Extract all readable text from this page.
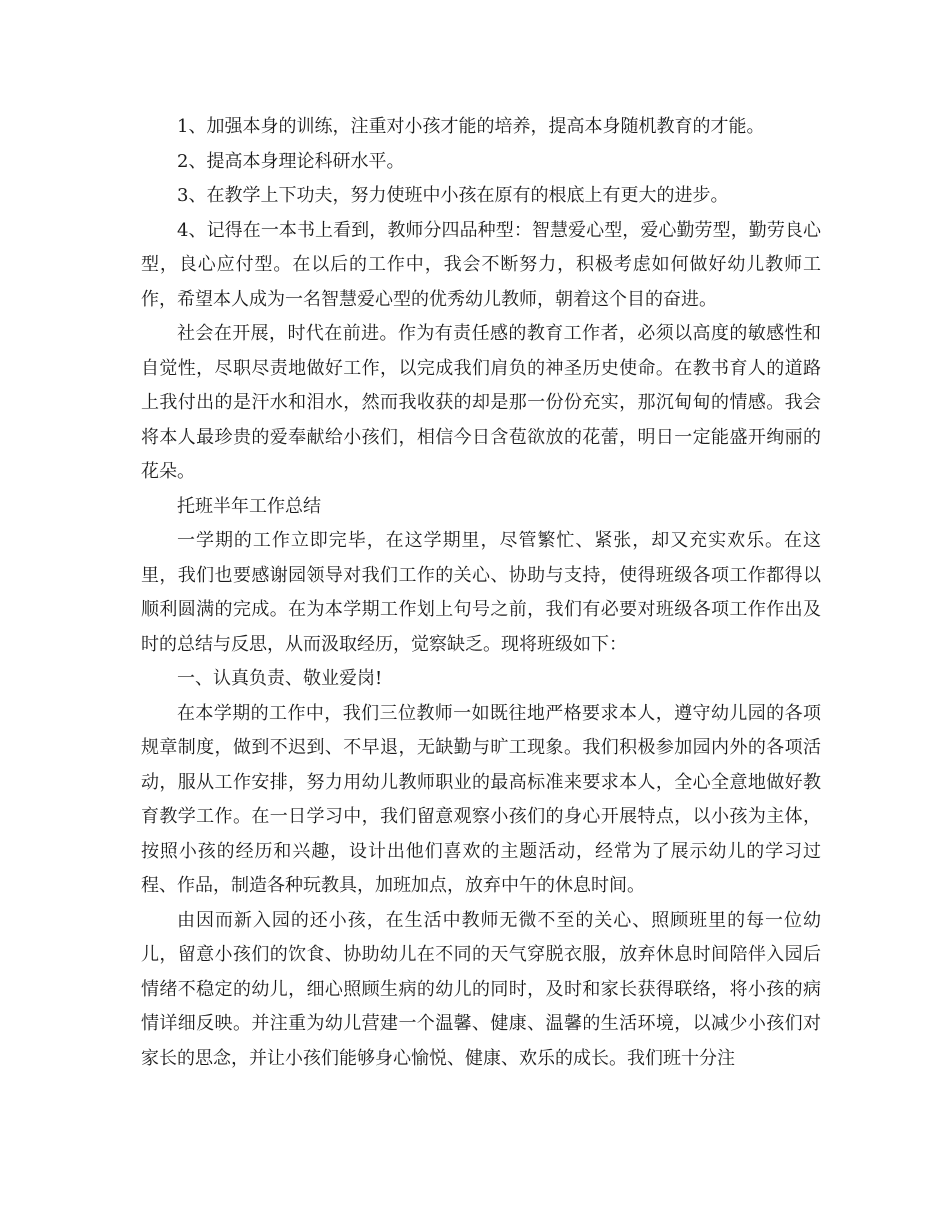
1、加强本身的训练，注重对小孩才能的培养，提高本身随机教育的才能。

2、提高本身理论科研水平。

3、在教学上下功夫，努力使班中小孩在原有的根底上有更大的进步。

4、记得在一本书上看到，教师分四品种型：智慧爱心型，爱心勤劳型，勤劳良心型，良心应付型。在以后的工作中，我会不断努力，积极考虑如何做好幼儿教师工作，希望本人成为一名智慧爱心型的优秀幼儿教师，朝着这个目的奋进。

社会在开展，时代在前进。作为有责任感的教育工作者，必须以高度的敏感性和自觉性，尽职尽责地做好工作，以完成我们肩负的神圣历史使命。在教书育人的道路上我付出的是汗水和泪水，然而我收获的却是那一份份充实，那沉甸甸的情感。我会将本人最珍贵的爱奉献给小孩们，相信今日含苞欲放的花蕾，明日一定能盛开绚丽的花朵。

托班半年工作总结

一学期的工作立即完毕，在这学期里，尽管繁忙、紧张，却又充实欢乐。在这里，我们也要感谢园领导对我们工作的关心、协助与支持，使得班级各项工作都得以顺利圆满的完成。在为本学期工作划上句号之前，我们有必要对班级各项工作作出及时的总结与反思，从而汲取经历，觉察缺乏。现将班级如下：

一、认真负责、敬业爱岗!

在本学期的工作中，我们三位教师一如既往地严格要求本人，遵守幼儿园的各项规章制度，做到不迟到、不早退，无缺勤与旷工现象。我们积极参加园内外的各项活动，服从工作安排，努力用幼儿教师职业的最高标准来要求本人，全心全意地做好教育教学工作。在一日学习中，我们留意观察小孩们的身心开展特点，以小孩为主体，按照小孩的经历和兴趣，设计出他们喜欢的主题活动，经常为了展示幼儿的学习过程、作品，制造各种玩教具，加班加点，放弃中午的休息时间。

由因而新入园的还小孩，在生活中教师无微不至的关心、照顾班里的每一位幼儿，留意小孩们的饮食、协助幼儿在不同的天气穿脱衣服，放弃休息时间陪伴入园后情绪不稳定的幼儿，细心照顾生病的幼儿的同时，及时和家长获得联络，将小孩的病情详细反映。并注重为幼儿营建一个温馨、健康、温馨的生活环境，以减少小孩们对家长的思念，并让小孩们能够身心愉悦、健康、欢乐的成长。我们班十分注
